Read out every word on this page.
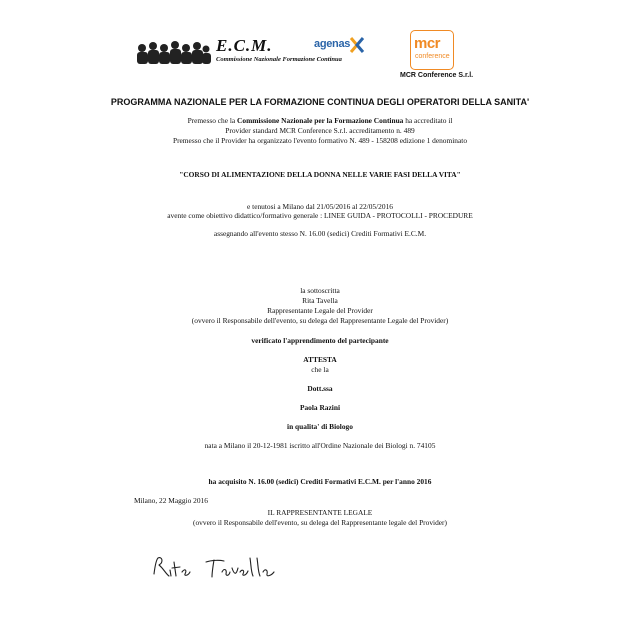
E.C.M.
Commissione Nazionale Formazione Continua
agenas	mcr
conference
MCR Conference S.r.l.
PROGRAMMA NAZIONALE PER LA FORMAZIONE CONTINUA DEGLI OPERATORI DELLA SANITA'
Premesso che la Commissione Nazionale per la Formazione Continua ha accreditato il
Provider standard MCR Conference S.r.l. accreditamento n. 489
Premesso che il Provider ha organizzato l'evento formativo N. 489 - 158208 edizione 1 denominato
"CORSO DI ALIMENTAZIONE DELLA DONNA NELLE VARIE FASI DELLA VITA"
e tenutosi a Milano dal 21/05/2016 al 22/05/2016
avente come obiettivo didattico/formativo generale : LINEE GUIDA - PROTOCOLLI - PROCEDURE
assegnando all'evento stesso N. 16.00 (sedici) Crediti Formativi E.C.M.
la sottoscritta
Rita Tavella
Rappresentante Legale del Provider
(ovvero il Responsabile dell'evento, su delega del Rappresentante Legale del Provider)
verificato l'apprendimento del partecipante
ATTESTA
che la
Dott.ssa
Paola Razini
in qualita' di Biologo
nata a Milano il 20-12-1981 iscritto all'Ordine Nazionale dei Biologi n. 74105
ha acquisito N. 16.00 (sedici) Crediti Formativi E.C.M. per l'anno 2016
Milano, 22 Maggio 2016
IL RAPPRESENTANTE LEGALE
(ovvero il Responsabile dell'evento, su delega del Rappresentante legale del Provider)
